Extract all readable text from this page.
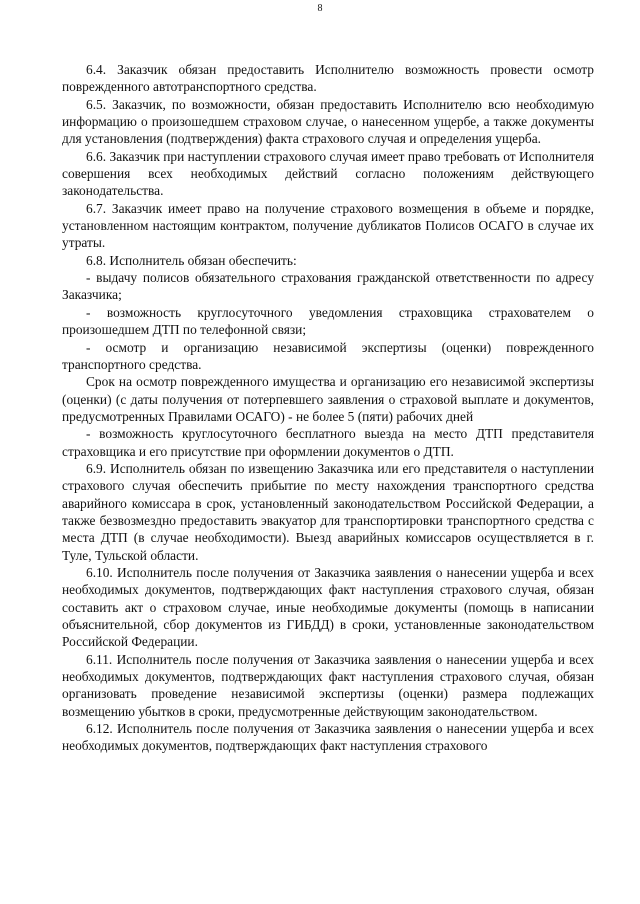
8

6.4. Заказчик обязан предоставить Исполнителю возможность провести осмотр поврежденного автотранспортного средства.

6.5. Заказчик, по возможности, обязан предоставить Исполнителю всю необходимую информацию о произошедшем страховом случае, о нанесенном ущербе, а также документы для установления (подтверждения) факта страхового случая и определения ущерба.

6.6. Заказчик при наступлении страхового случая имеет право требовать от Исполнителя совершения всех необходимых действий согласно положениям действующего законодательства.

6.7. Заказчик имеет право на получение страхового возмещения в объеме и порядке, установленном настоящим контрактом, получение дубликатов Полисов ОСАГО в случае их утраты.

6.8. Исполнитель обязан обеспечить:

- выдачу полисов обязательного страхования гражданской ответственности по адресу Заказчика;

- возможность круглосуточного уведомления страховщика страхователем о произошедшем ДТП по телефонной связи;

- осмотр и организацию независимой экспертизы (оценки) поврежденного транспортного средства.

Срок на осмотр поврежденного имущества и организацию его независимой экспертизы (оценки) (с даты получения от потерпевшего заявления о страховой выплате и документов, предусмотренных Правилами ОСАГО) - не более 5 (пяти) рабочих дней

- возможность круглосуточного бесплатного выезда на место ДТП представителя страховщика и его присутствие при оформлении документов о ДТП.

6.9. Исполнитель обязан по извещению Заказчика или его представителя о наступлении страхового случая обеспечить прибытие по месту нахождения транспортного средства аварийного комиссара в срок, установленный законодательством Российской Федерации, а также безвозмездно предоставить эвакуатор для транспортировки транспортного средства с места ДТП (в случае необходимости). Выезд аварийных комиссаров осуществляется в г. Туле, Тульской области.

6.10. Исполнитель после получения от Заказчика заявления о нанесении ущерба и всех необходимых документов, подтверждающих факт наступления страхового случая, обязан составить акт о страховом случае, иные необходимые документы (помощь в написании объяснительной, сбор документов из ГИБДД) в сроки, установленные законодательством Российской Федерации.

6.11. Исполнитель после получения от Заказчика заявления о нанесении ущерба и всех необходимых документов, подтверждающих факт наступления страхового случая, обязан организовать проведение независимой экспертизы (оценки) размера подлежащих возмещению убытков в сроки, предусмотренные действующим законодательством.

6.12. Исполнитель после получения от Заказчика заявления о нанесении ущерба и всех необходимых документов, подтверждающих факт наступления страхового
